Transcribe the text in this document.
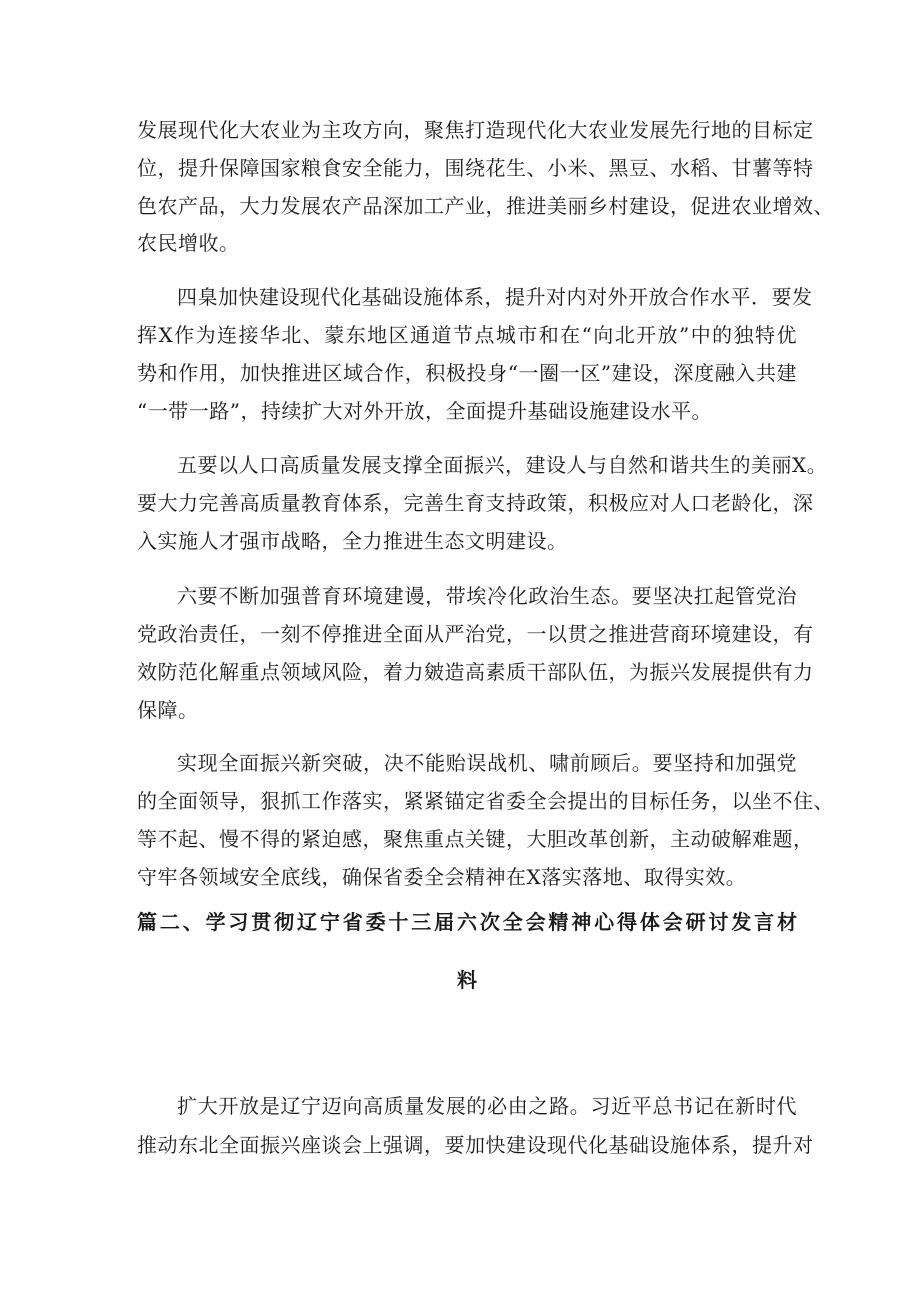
发展现代化大农业为主攻方向，聚焦打造现代化大农业发展先行地的目标定
位，提升保障国家粮食安全能力，围绕花生、小米、黑豆、水稻、甘薯等特
色农产品，大力发展农产品深加工产业，推进美丽乡村建设，促进农业增效、
农民增收。
四臬加快建设现代化基础设施体系，提升对内对外开放合作水平．要发
挥X作为连接华北、蒙东地区通道节点城市和在“向北开放”中的独特优
势和作用，加快推进区域合作，积极投身“一圈一区”建设，深度融入共建
“一带一路”，持续扩大对外开放，全面提升基础设施建设水平。
五要以人口高质量发展支撑全面振兴，建设人与自然和谐共生的美丽X。
要大力完善高质量教育体系，完善生育支持政策，积极应对人口老龄化，深
入实施人才强市战略，全力推进生态文明建设。
六要不断加强普育环境建谩，带埃冷化政治生态。要坚决扛起管党治
党政治责任，一刻不停推进全面从严治党，一以贯之推进营商环境建设，有
效防范化解重点领域风险，着力皴造高素质干部队伍，为振兴发展提供有力
保障。
实现全面振兴新突破，决不能贻误战机、啸前顾后。要坚持和加强党
的全面领导，狠抓工作落实，紧紧锚定省委全会提出的目标任务，以坐不住、
等不起、慢不得的紧迫感，聚焦重点关键，大胆改革创新，主动破解难题，
守牢各领域安全底线，确保省委全会精神在X落实落地、取得实效。
篇二、学习贯彻辽宁省委十三届六次全会精神心得体会研讨发言材
料
扩大开放是辽宁迈向高质量发展的必由之路。习近平总书记在新时代
推动东北全面振兴座谈会上强调，要加快建设现代化基础设施体系，提升对
